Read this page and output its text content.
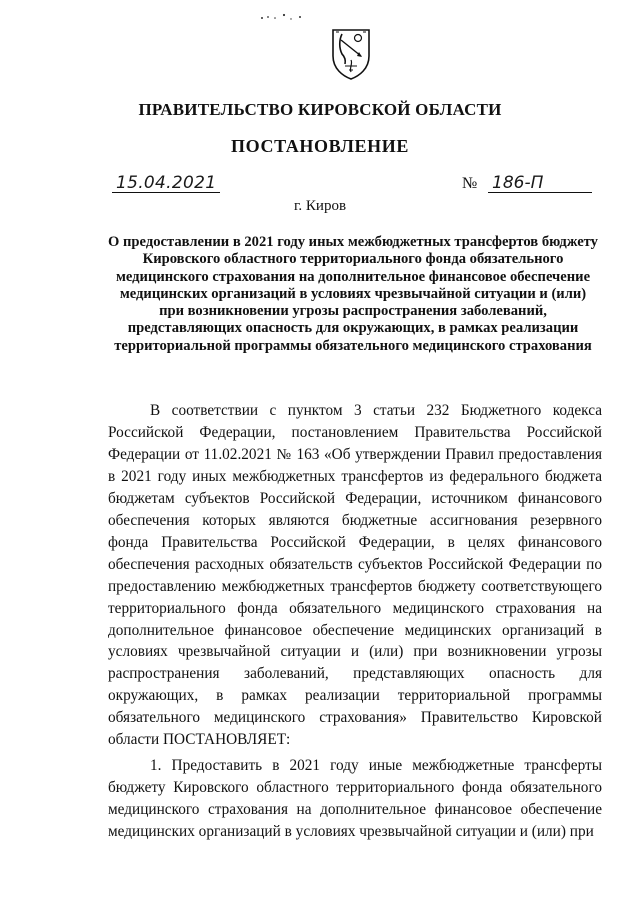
ПРАВИТЕЛЬСТВО КИРОВСКОЙ ОБЛАСТИ
ПОСТАНОВЛЕНИЕ
15.04.2021	№ 186-П
г. Киров
О предоставлении в 2021 году иных межбюджетных трансфертов бюджету Кировского областного территориального фонда обязательного медицинского страхования на дополнительное финансовое обеспечение медицинских организаций в условиях чрезвычайной ситуации и (или) при возникновении угрозы распространения заболеваний, представляющих опасность для окружающих, в рамках реализации территориальной программы обязательного медицинского страхования

В соответствии с пунктом 3 статьи 232 Бюджетного кодекса Российской Федерации, постановлением Правительства Российской Федерации от 11.02.2021 № 163 «Об утверждении Правил предоставления в 2021 году иных межбюджетных трансфертов из федерального бюджета бюджетам субъектов Российской Федерации, источником финансового обеспечения которых являются бюджетные ассигнования резервного фонда Правительства Российской Федерации, в целях финансового обеспечения расходных обязательств субъектов Российской Федерации по предоставлению межбюджетных трансфертов бюджету соответствующего территориального фонда обязательного медицинского страхования на дополнительное финансовое обеспечение медицинских организаций в условиях чрезвычайной ситуации и (или) при возникновении угрозы распространения заболеваний, представляющих опасность для окружающих, в рамках реализации территориальной программы обязательного медицинского страхования» Правительство Кировской области ПОСТАНОВЛЯЕТ:

1. Предоставить в 2021 году иные межбюджетные трансферты бюджету Кировского областного территориального фонда обязательного медицинского страхования на дополнительное финансовое обеспечение медицинских организаций в условиях чрезвычайной ситуации и (или) при
